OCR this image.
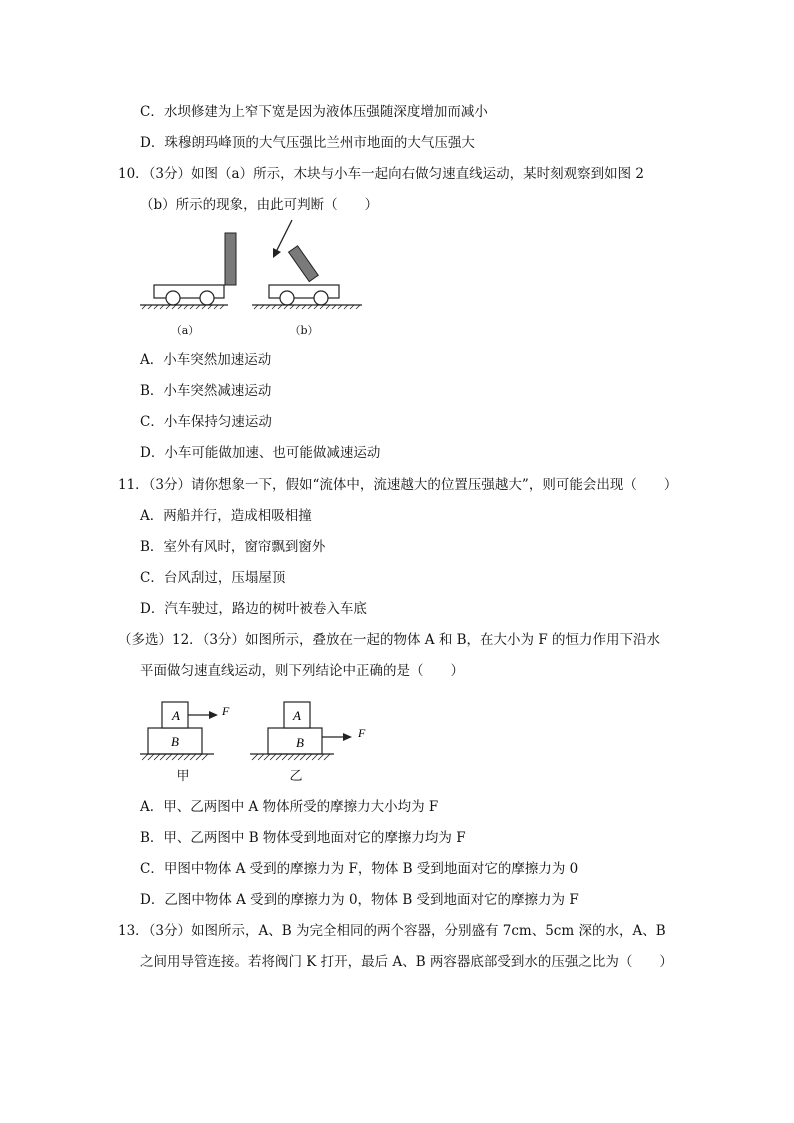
C．水坝修建为上窄下宽是因为液体压强随深度增加而减小
D．珠穆朗玛峰顶的大气压强比兰州市地面的大气压强大
10．（3分）如图（a）所示，木块与小车一起向右做匀速直线运动，某时刻观察到如图 2
（b）所示的现象，由此可判断（　　）
（a）	（b）
A．小车突然加速运动
B．小车突然减速运动
C．小车保持匀速运动
D．小车可能做加速、也可能做减速运动
11．（3分）请你想象一下，假如“流体中，流速越大的位置压强越大”，则可能会出现（　　）
A．两船并行，造成相吸相撞
B．室外有风时，窗帘飘到窗外
C．台风刮过，压塌屋顶
D．汽车驶过，路边的树叶被卷入车底
（多选）12．（3分）如图所示，叠放在一起的物体 A 和 B，在大小为 F 的恒力作用下沿水
平面做匀速直线运动，则下列结论中正确的是（　　）
A
B
F	A
B
F
甲	乙
A．甲、乙两图中 A 物体所受的摩擦力大小均为 F
B．甲、乙两图中 B 物体受到地面对它的摩擦力均为 F
C．甲图中物体 A 受到的摩擦力为 F，物体 B 受到地面对它的摩擦力为 0
D．乙图中物体 A 受到的摩擦力为 0，物体 B 受到地面对它的摩擦力为 F
13．（3分）如图所示，A、B 为完全相同的两个容器，分别盛有 7cm、5cm 深的水，A、B
之间用导管连接。若将阀门 K 打开，最后 A、B 两容器底部受到水的压强之比为（　　）
